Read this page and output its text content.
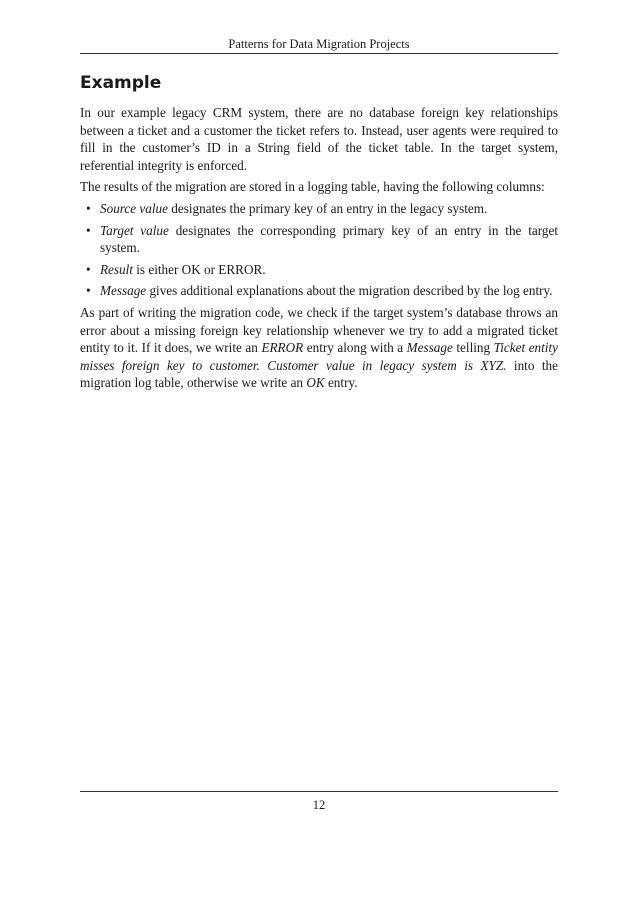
Patterns for Data Migration Projects
Example

In our example legacy CRM system, there are no database foreign key relationships between a ticket and a customer the ticket refers to. Instead, user agents were required to fill in the customer’s ID in a String field of the ticket table. In the target system, referential integrity is enforced.

The results of the migration are stored in a logging table, having the following columns:

• Source value designates the primary key of an entry in the legacy system.
• Target value designates the corresponding primary key of an entry in the target system.
• Result is either OK or ERROR.
• Message gives additional explanations about the migration described by the log entry.

As part of writing the migration code, we check if the target system’s database throws an error about a missing foreign key relationship whenever we try to add a migrated ticket entity to it. If it does, we write an ERROR entry along with a Message telling Ticket entity misses foreign key to customer. Customer value in legacy system is XYZ. into the migration log table, otherwise we write an OK entry.

12
